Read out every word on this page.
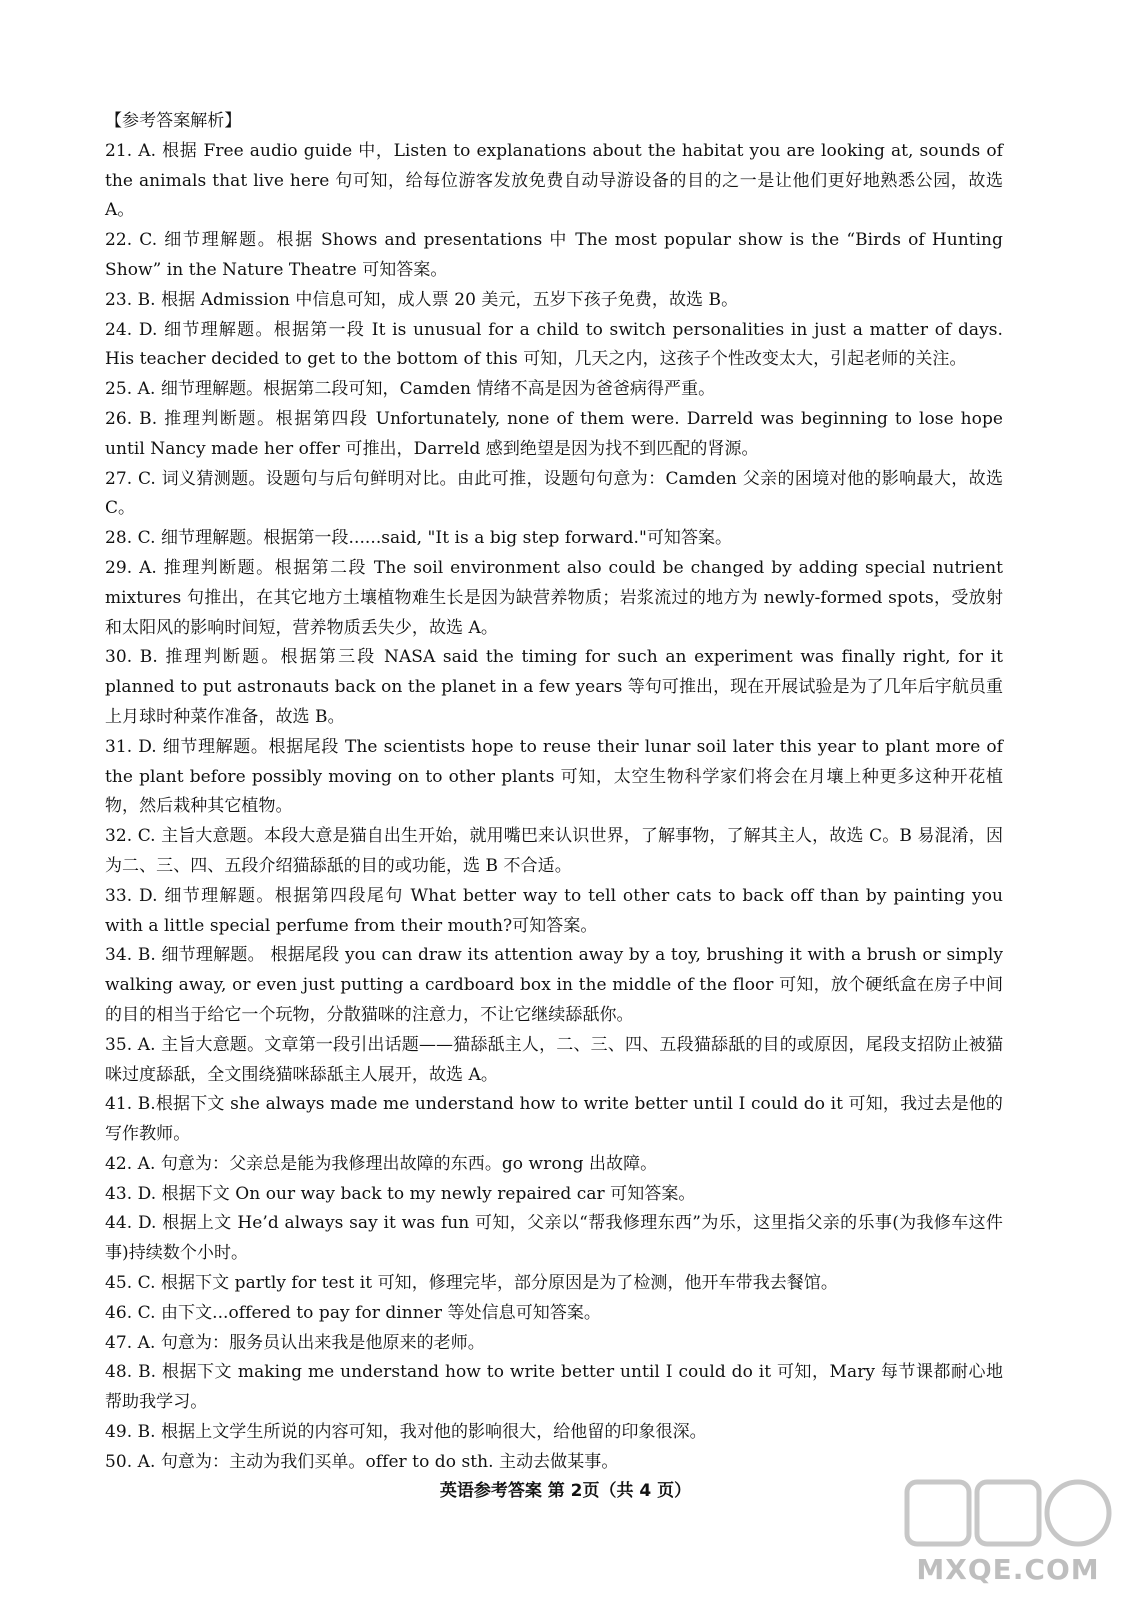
【参考答案解析】

21. A. 根据 Free audio guide 中，Listen to explanations about the habitat you are looking at, sounds of the animals that live here 句可知，给每位游客发放免费自动导游设备的目的之一是让他们更好地熟悉公园，故选 A。

22. C. 细节理解题。根据 Shows and presentations 中 The most popular show is the “Birds of Hunting Show” in the Nature Theatre 可知答案。

23. B. 根据 Admission 中信息可知，成人票 20 美元，五岁下孩子免费，故选 B。

24. D. 细节理解题。根据第一段 It is unusual for a child to switch personalities in just a matter of days. His teacher decided to get to the bottom of this 可知，几天之内，这孩子个性改变太大，引起老师的关注。

25. A. 细节理解题。根据第二段可知，Camden 情绪不高是因为爸爸病得严重。

26. B. 推理判断题。根据第四段 Unfortunately, none of them were. Darreld was beginning to lose hope until Nancy made her offer 可推出，Darreld 感到绝望是因为找不到匹配的肾源。

27. C. 词义猜测题。设题句与后句鲜明对比。由此可推，设题句句意为：Camden 父亲的困境对他的影响最大，故选 C。

28. C. 细节理解题。根据第一段......said, "It is a big step forward."可知答案。

29. A. 推理判断题。根据第二段 The soil environment also could be changed by adding special nutrient mixtures 句推出，在其它地方土壤植物难生长是因为缺营养物质；岩浆流过的地方为 newly-formed spots，受放射和太阳风的影响时间短，营养物质丢失少，故选 A。

30. B. 推理判断题。根据第三段 NASA said the timing for such an experiment was finally right, for it planned to put astronauts back on the planet in a few years 等句可推出，现在开展试验是为了几年后宇航员重上月球时种菜作准备，故选 B。

31. D. 细节理解题。根据尾段 The scientists hope to reuse their lunar soil later this year to plant more of the plant before possibly moving on to other plants 可知，太空生物科学家们将会在月壤上种更多这种开花植物，然后栽种其它植物。

32. C. 主旨大意题。本段大意是猫自出生开始，就用嘴巴来认识世界，了解事物，了解其主人，故选 C。B 易混淆，因为二、三、四、五段介绍猫舔舐的目的或功能，选 B 不合适。

33. D. 细节理解题。根据第四段尾句 What better way to tell other cats to back off than by painting you with a little special perfume from their mouth?可知答案。

34. B. 细节理解题。 根据尾段 you can draw its attention away by a toy, brushing it with a brush or simply walking away, or even just putting a cardboard box in the middle of the floor 可知，放个硬纸盒在房子中间的目的相当于给它一个玩物，分散猫咪的注意力，不让它继续舔舐你。

35. A. 主旨大意题。文章第一段引出话题——猫舔舐主人，二、三、四、五段猫舔舐的目的或原因，尾段支招防止被猫咪过度舔舐，全文围绕猫咪舔舐主人展开，故选 A。

41. B.根据下文 she always made me understand how to write better until I could do it 可知，我过去是他的写作教师。

42. A. 句意为：父亲总是能为我修理出故障的东西。go wrong 出故障。

43. D. 根据下文 On our way back to my newly repaired car 可知答案。

44. D. 根据上文 He’d always say it was fun 可知，父亲以“帮我修理东西”为乐，这里指父亲的乐事(为我修车这件事)持续数个小时。

45. C. 根据下文 partly for test it 可知，修理完毕，部分原因是为了检测，他开车带我去餐馆。

46. C. 由下文...offered to pay for dinner 等处信息可知答案。

47. A. 句意为：服务员认出来我是他原来的老师。

48. B. 根据下文 making me understand how to write better until I could do it 可知，Mary 每节课都耐心地帮助我学习。

49. B. 根据上文学生所说的内容可知，我对他的影响很大，给他留的印象很深。

50. A. 句意为：主动为我们买单。offer to do sth. 主动去做某事。

英语参考答案 第 2页（共 4 页）
MXQE.COM
